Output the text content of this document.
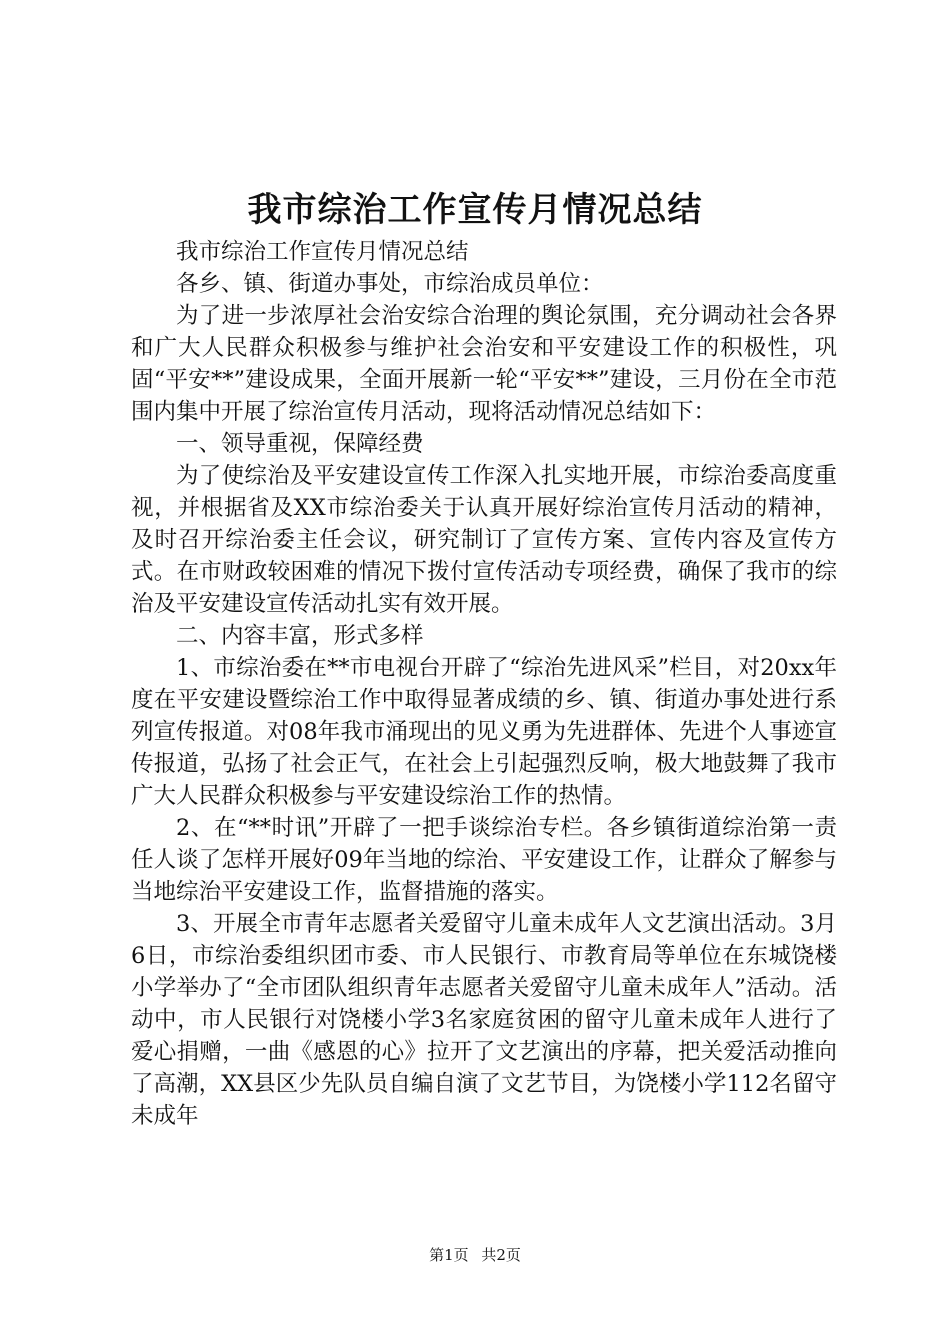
我市综治工作宣传月情况总结

我市综治工作宣传月情况总结

各乡、镇、街道办事处，市综治成员单位：

为了进一步浓厚社会治安综合治理的舆论氛围，充分调动社会各界和广大人民群众积极参与维护社会治安和平安建设工作的积极性，巩固“平安**”建设成果，全面开展新一轮“平安**”建设，三月份在全市范围内集中开展了综治宣传月活动，现将活动情况总结如下：

一、领导重视，保障经费

为了使综治及平安建设宣传工作深入扎实地开展，市综治委高度重视，并根据省及XX市综治委关于认真开展好综治宣传月活动的精神，及时召开综治委主任会议，研究制订了宣传方案、宣传内容及宣传方式。在市财政较困难的情况下拨付宣传活动专项经费，确保了我市的综治及平安建设宣传活动扎实有效开展。

二、内容丰富，形式多样

1、市综治委在**市电视台开辟了“综治先进风采”栏目，对20xx年度在平安建设暨综治工作中取得显著成绩的乡、镇、街道办事处进行系列宣传报道。对08年我市涌现出的见义勇为先进群体、先进个人事迹宣传报道，弘扬了社会正气，在社会上引起强烈反响，极大地鼓舞了我市广大人民群众积极参与平安建设综治工作的热情。

2、在“**时讯”开辟了一把手谈综治专栏。各乡镇街道综治第一责任人谈了怎样开展好09年当地的综治、平安建设工作，让群众了解参与当地综治平安建设工作，监督措施的落实。

3、开展全市青年志愿者关爱留守儿童未成年人文艺演出活动。3月6日，市综治委组织团市委、市人民银行、市教育局等单位在东城饶楼小学举办了“全市团队组织青年志愿者关爱留守儿童未成年人”活动。活动中，市人民银行对饶楼小学3名家庭贫困的留守儿童未成年人进行了爱心捐赠，一曲《感恩的心》拉开了文艺演出的序幕，把关爱活动推向了高潮，XX县区少先队员自编自演了文艺节目，为饶楼小学112名留守未成年

第1页 共2页
